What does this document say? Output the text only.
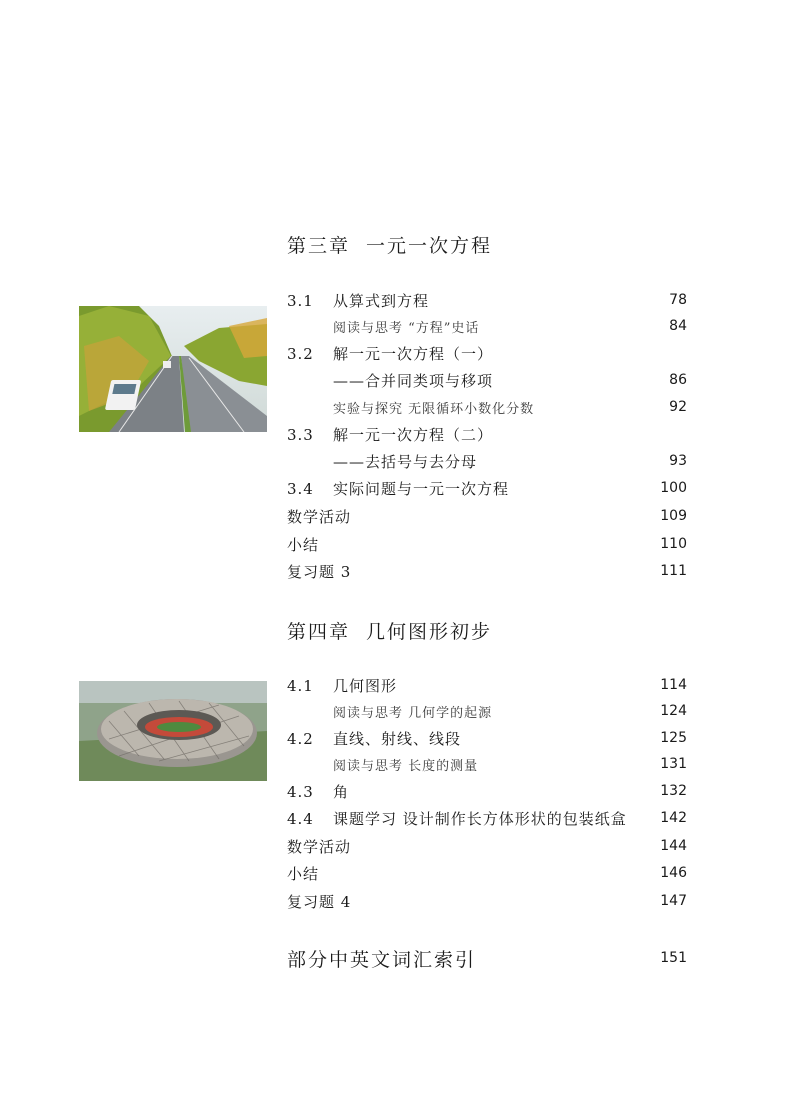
第三章 一元一次方程
3.1 从算式到方程	78
阅读与思考 “方程”史话	84
3.2 解一元一次方程（一）
——合并同类项与移项	86
实验与探究 无限循环小数化分数	92
3.3 解一元一次方程（二）
——去括号与去分母	93
3.4 实际问题与一元一次方程	100
数学活动	109
小结	110
复习题 3	111
第四章 几何图形初步
4.1 几何图形	114
阅读与思考 几何学的起源	124
4.2 直线、射线、线段	125
阅读与思考 长度的测量	131
4.3 角	132
4.4 课题学习 设计制作长方体形状的包装纸盒 142
数学活动	144
小结	146
复习题 4	147
部分中英文词汇索引	151
